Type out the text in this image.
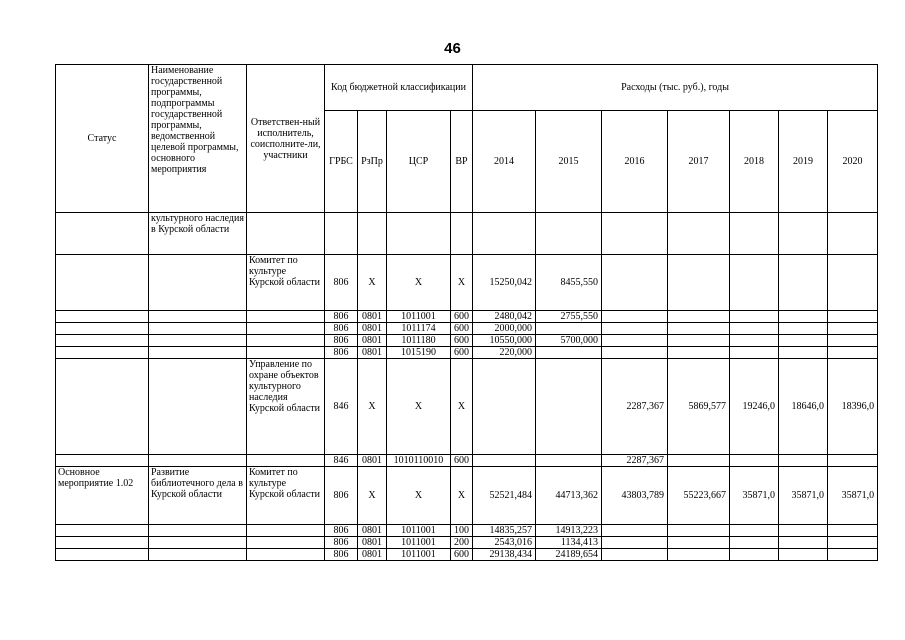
46
Статус	Наименование государственной программы, подпрограммы государственной программы, ведомственной целевой программы, основного мероприятия	Ответствен-ный исполнитель, соисполните-ли, участники	Код бюджетной классификации				Расходы (тыс. руб.), годы						
			ГРБС	РзПр	ЦСР	ВР	2014	2015	2016	2017	2018	2019	2020
	культурного наследия в Курской области												
		Комитет по культуре Курской области	806	Х	Х	Х	15250,042	8455,550					
			806	0801	1011001	600	2480,042	2755,550					
			806	0801	1011174	600	2000,000						
			806	0801	1011180	600	10550,000	5700,000					
			806	0801	1015190	600	220,000						
		Управление по охране объектов культурного наследия Курской области	846	Х	Х	Х			2287,367	5869,577	19246,0	18646,0	18396,0
			846	0801	1010110010	600			2287,367				
Основное мероприятие 1.02	Развитие библиотечного дела в Курской области	Комитет по культуре Курской области	806	Х	Х	Х	52521,484	44713,362	43803,789	55223,667	35871,0	35871,0	35871,0
			806	0801	1011001	100	14835,257	14913,223					
			806	0801	1011001	200	2543,016	1134,413					
			806	0801	1011001	600	29138,434	24189,654					
